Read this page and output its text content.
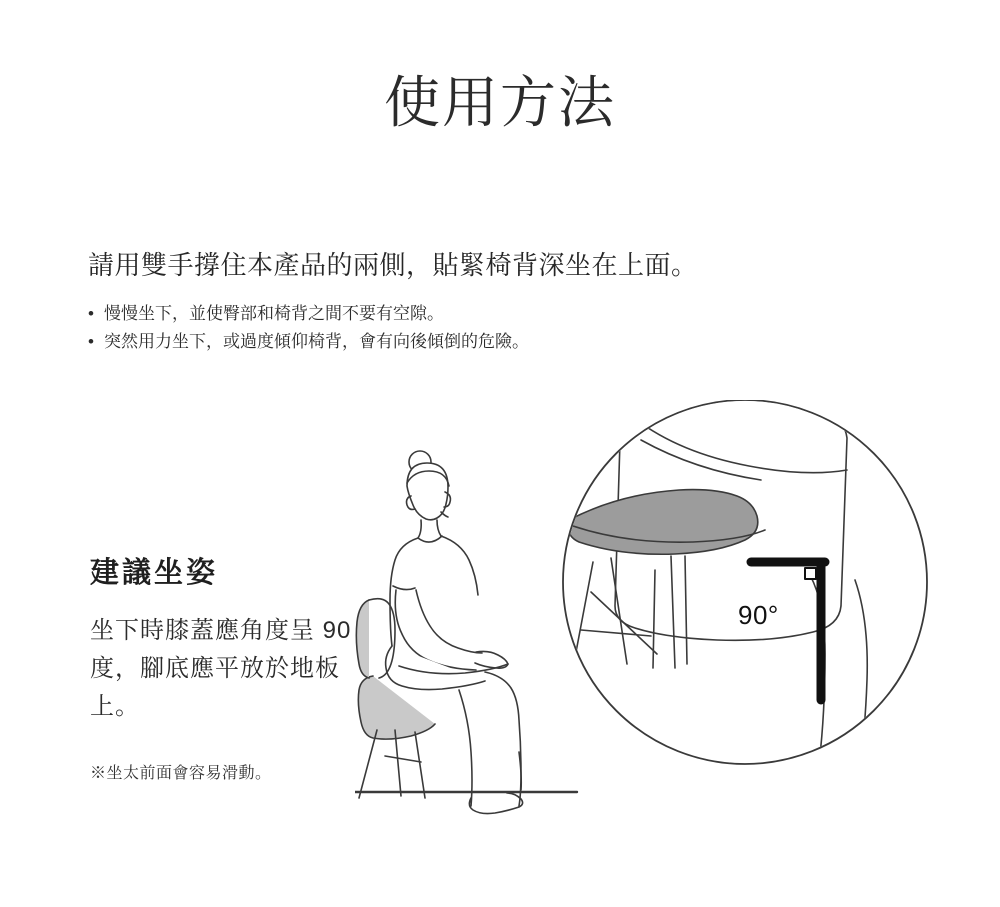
使用方法
請用雙手撐住本產品的兩側，貼緊椅背深坐在上面。
• 慢慢坐下，並使臀部和椅背之間不要有空隙。
• 突然用力坐下，或過度傾仰椅背，會有向後傾倒的危險。
建議坐姿
坐下時膝蓋應角度呈 90 度，腳底應平放於地板上。
※坐太前面會容易滑動。
90°
